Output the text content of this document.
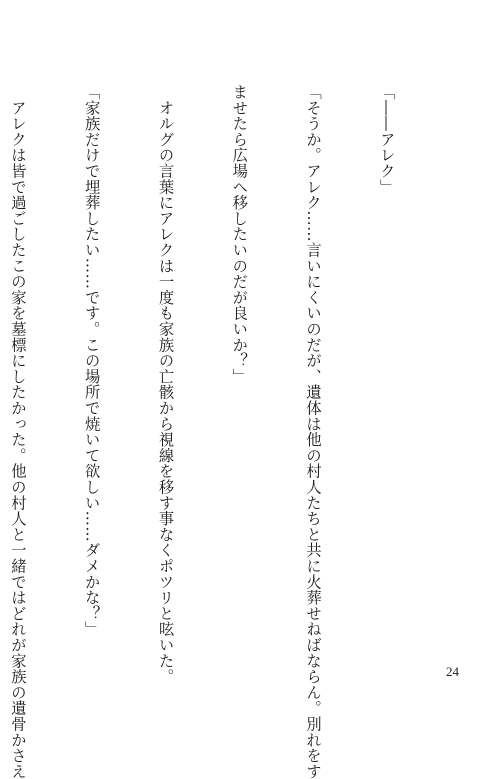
「――アレク」

「そうか。アレク……言いにくいのだが、遺体は他の村人たちと共に火葬せねばならん。別れをす

ませたら広場へ移したいのだが良いか？」

　オルグの言葉にアレクは一度も家族の亡骸から視線を移す事なくポツリと呟いた。

「家族だけで埋葬したい……です。この場所で焼いて欲しい……ダメかな？」

　アレクは皆で過ごしたこの家を墓標にしたかった。他の村人と一緒ではどれが家族の遺骨かさえ

	24
